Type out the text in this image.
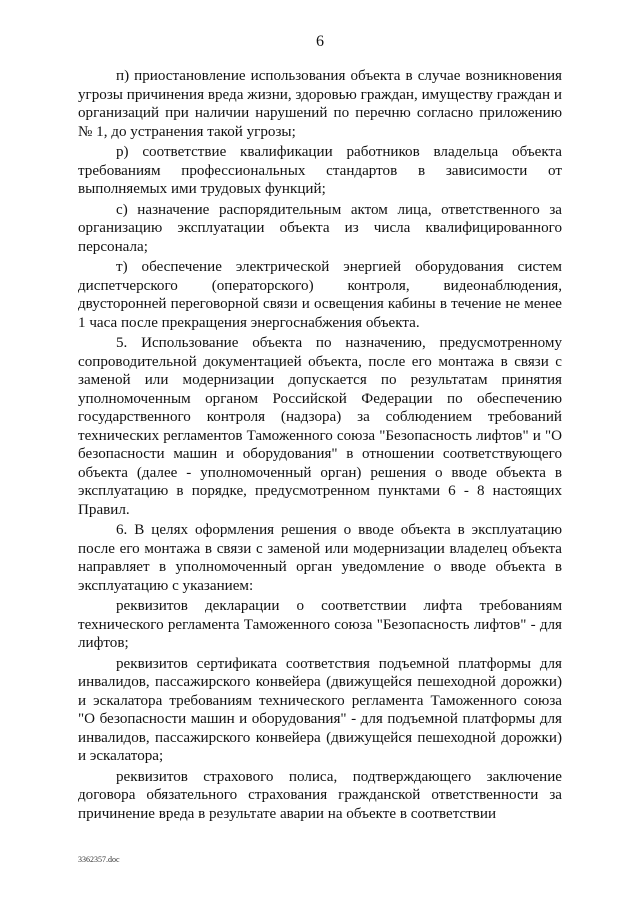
6

п) приостановление использования объекта в случае возникновения угрозы причинения вреда жизни, здоровью граждан, имуществу граждан и организаций при наличии нарушений по перечню согласно приложению № 1, до устранения такой угрозы;

р) соответствие квалификации работников владельца объекта требованиям профессиональных стандартов в зависимости от выполняемых ими трудовых функций;

с) назначение распорядительным актом лица, ответственного за организацию эксплуатации объекта из числа квалифицированного персонала;

т) обеспечение электрической энергией оборудования систем диспетчерского (операторского) контроля, видеонаблюдения, двусторонней переговорной связи и освещения кабины в течение не менее 1 часа после прекращения энергоснабжения объекта.

5. Использование объекта по назначению, предусмотренному сопроводительной документацией объекта, после его монтажа в связи с заменой или модернизации допускается по результатам принятия уполномоченным органом Российской Федерации по обеспечению государственного контроля (надзора) за соблюдением требований технических регламентов Таможенного союза "Безопасность лифтов" и "О безопасности машин и оборудования" в отношении соответствующего объекта (далее - уполномоченный орган) решения о вводе объекта в эксплуатацию в порядке, предусмотренном пунктами 6 - 8 настоящих Правил.

6. В целях оформления решения о вводе объекта в эксплуатацию после его монтажа в связи с заменой или модернизации владелец объекта направляет в уполномоченный орган уведомление о вводе объекта в эксплуатацию с указанием:

реквизитов декларации о соответствии лифта требованиям технического регламента Таможенного союза "Безопасность лифтов" - для лифтов;

реквизитов сертификата соответствия подъемной платформы для инвалидов, пассажирского конвейера (движущейся пешеходной дорожки) и эскалатора требованиям технического регламента Таможенного союза "О безопасности машин и оборудования" - для подъемной платформы для инвалидов, пассажирского конвейера (движущейся пешеходной дорожки) и эскалатора;

реквизитов страхового полиса, подтверждающего заключение договора обязательного страхования гражданской ответственности за причинение вреда в результате аварии на объекте в соответствии

3362357.doc
